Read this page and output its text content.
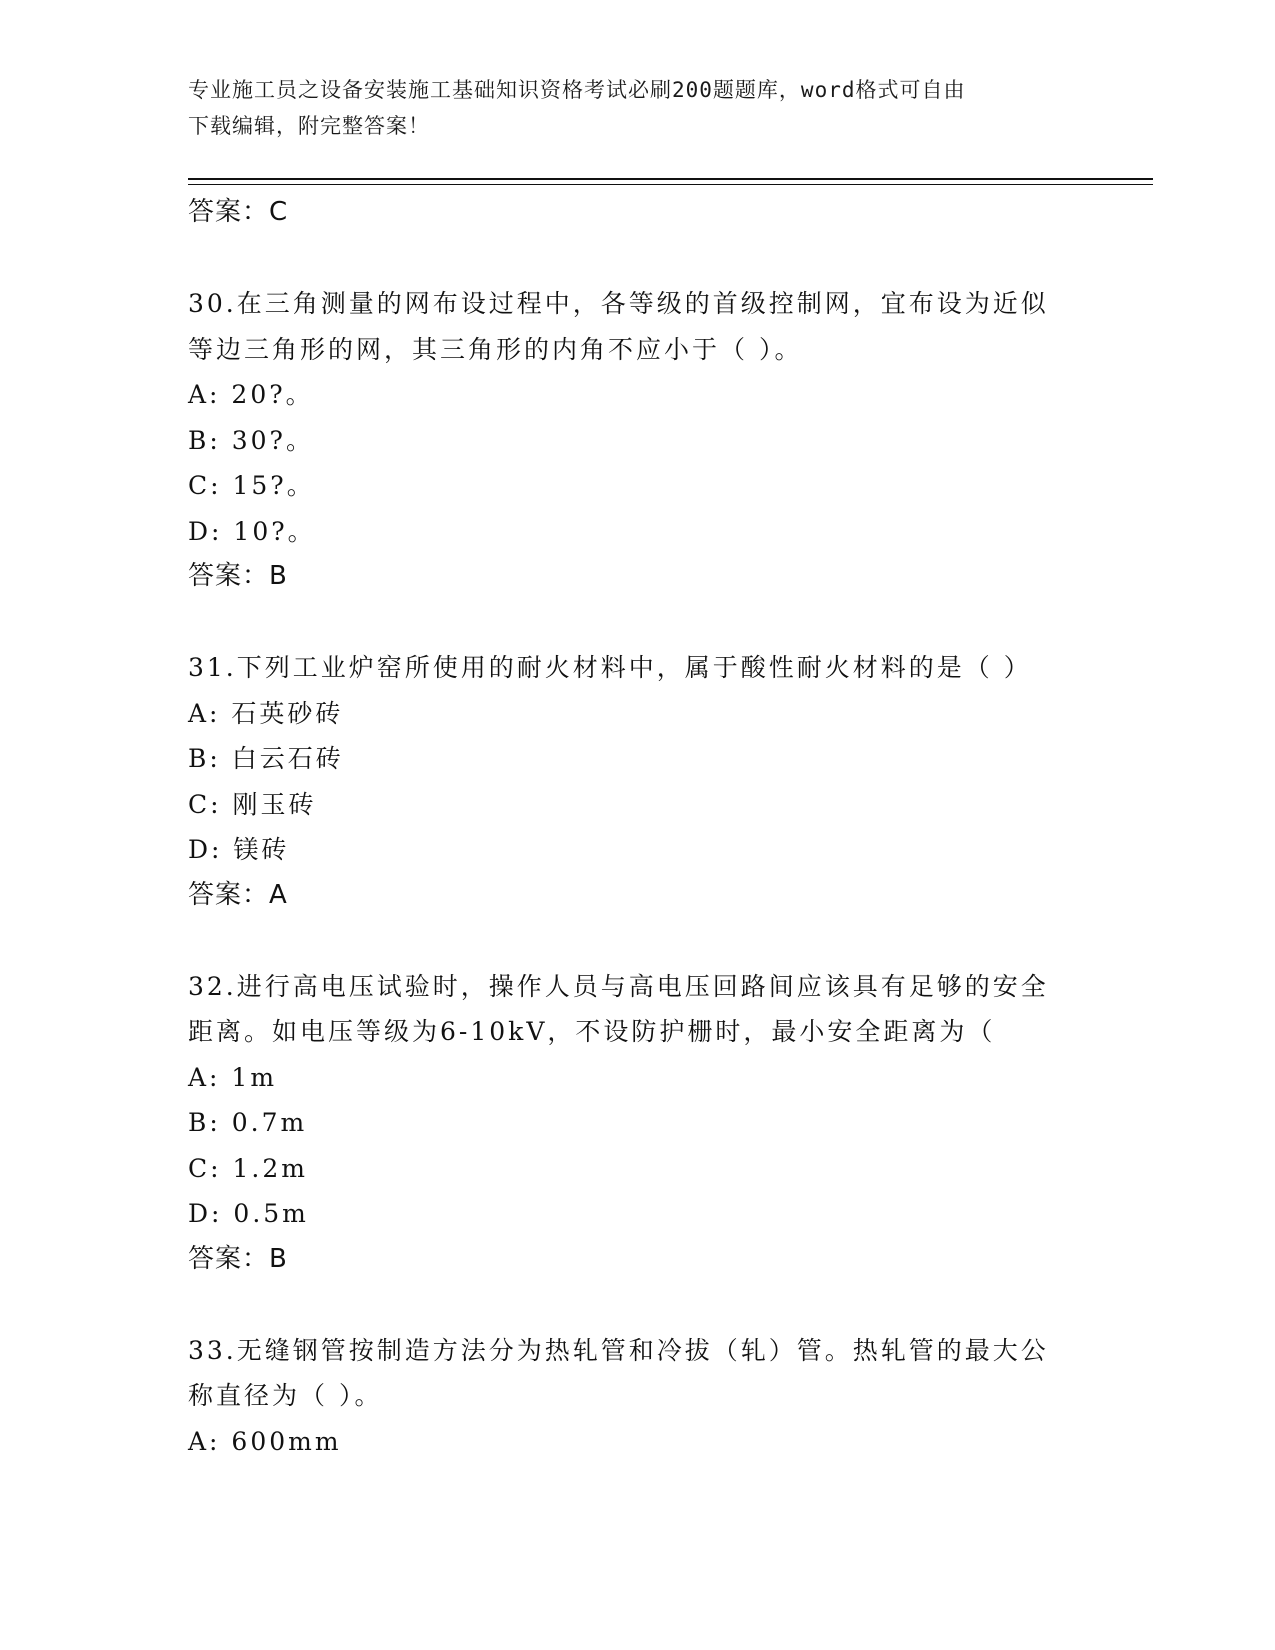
专业施工员之设备安装施工基础知识资格考试必刷200题题库，word格式可自由
下载编辑，附完整答案！
答案：C
30.在三角测量的网布设过程中，各等级的首级控制网，宜布设为近似
等边三角形的网，其三角形的内角不应小于（ ）。
A: 20?。
B: 30?。
C: 15?。
D: 10?。
答案：B
31.下列工业炉窑所使用的耐火材料中，属于酸性耐火材料的是（ ）
A: 石英砂砖
B: 白云石砖
C: 刚玉砖
D: 镁砖
答案：A
32.进行高电压试验时，操作人员与高电压回路间应该具有足够的安全
距离。如电压等级为6-10kV，不设防护栅时，最小安全距离为（
A: 1m
B: 0.7m
C: 1.2m
D: 0.5m
答案：B
33.无缝钢管按制造方法分为热轧管和冷拔（轧）管。热轧管的最大公
称直径为（ ）。
A: 600mm
